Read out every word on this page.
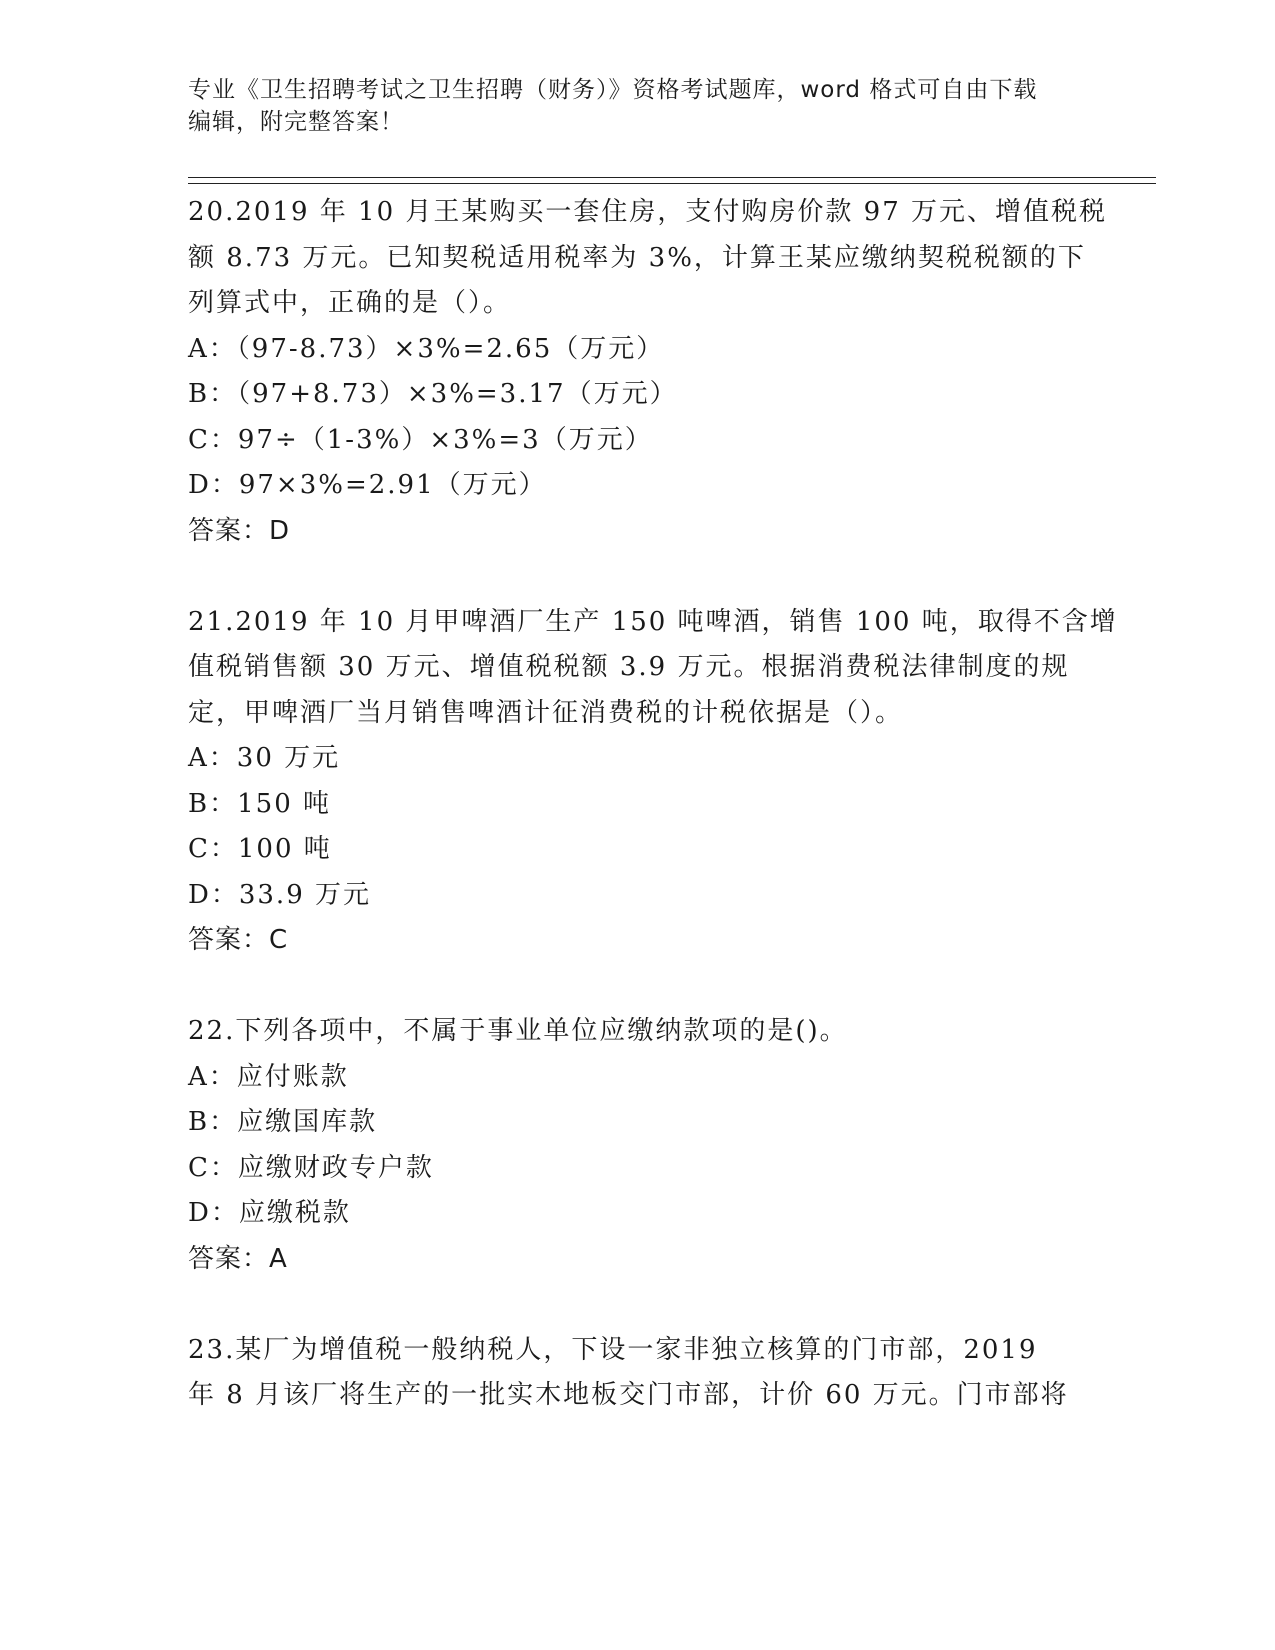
专业《卫生招聘考试之卫生招聘（财务）》资格考试题库，word 格式可自由下载
编辑，附完整答案！
20.2019 年 10 月王某购买一套住房，支付购房价款 97 万元、增值税税
额 8.73 万元。已知契税适用税率为 3%，计算王某应缴纳契税税额的下
列算式中，正确的是（）。
A：（97-8.73）×3%=2.65（万元）
B：（97+8.73）×3%=3.17（万元）
C：97÷（1-3%）×3%=3（万元）
D：97×3%=2.91（万元）
答案：D
21.2019 年 10 月甲啤酒厂生产 150 吨啤酒，销售 100 吨，取得不含增
值税销售额 30 万元、增值税税额 3.9 万元。根据消费税法律制度的规
定，甲啤酒厂当月销售啤酒计征消费税的计税依据是（）。
A：30 万元
B：150 吨
C：100 吨
D：33.9 万元
答案：C
22.下列各项中，不属于事业单位应缴纳款项的是()。
A：应付账款
B：应缴国库款
C：应缴财政专户款
D：应缴税款
答案：A
23.某厂为增值税一般纳税人，下设一家非独立核算的门市部，2019
年 8 月该厂将生产的一批实木地板交门市部，计价 60 万元。门市部将
